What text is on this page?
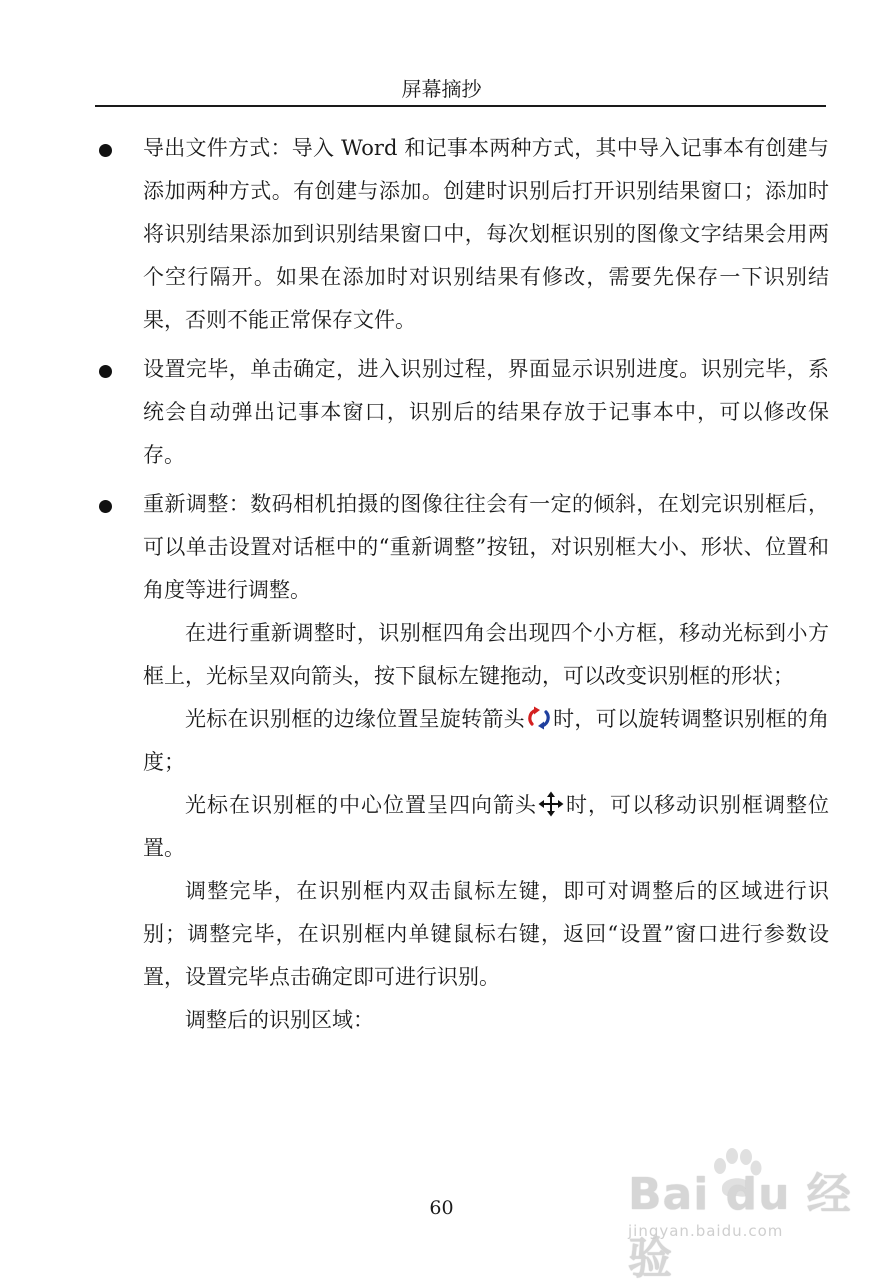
屏幕摘抄

导出文件方式：导入 Word 和记事本两种方式，其中导入记事本有创建与添加两种方式。有创建与添加。创建时识别后打开识别结果窗口；添加时将识别结果添加到识别结果窗口中，每次划框识别的图像文字结果会用两个空行隔开。如果在添加时对识别结果有修改，需要先保存一下识别结果，否则不能正常保存文件。

设置完毕，单击确定，进入识别过程，界面显示识别进度。识别完毕，系统会自动弹出记事本窗口，识别后的结果存放于记事本中，可以修改保存。

重新调整：数码相机拍摄的图像往往会有一定的倾斜，在划完识别框后，可以单击设置对话框中的“重新调整”按钮，对识别框大小、形状、位置和角度等进行调整。

在进行重新调整时，识别框四角会出现四个小方框，移动光标到小方框上，光标呈双向箭头，按下鼠标左键拖动，可以改变识别框的形状；

光标在识别框的边缘位置呈旋转箭头 时，可以旋转调整识别框的角度；

光标在识别框的中心位置呈四向箭头 时，可以移动识别框调整位置。

调整完毕，在识别框内双击鼠标左键，即可对调整后的区域进行识别；调整完毕，在识别框内单键鼠标右键，返回“设置”窗口进行参数设置，设置完毕点击确定即可进行识别。

调整后的识别区域：

60	Bai du 经验
jingyan.baidu.com
